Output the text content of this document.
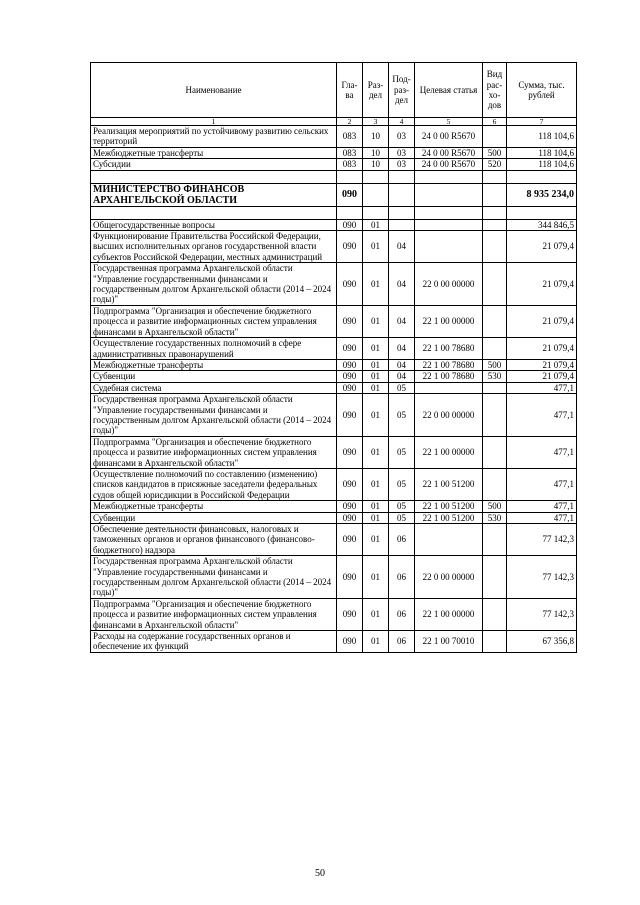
Наименование	Гла-ва	Раз-дел	Под-раз-дел	Целевая статья	Вид рас-хо-дов	Сумма, тыс. рублей
1	2	3	4	5	6	7
Реализация мероприятий по устойчивому развитию сельских территорий	083	10	03	24 0 00 R5670		118 104,6
Межбюджетные трансферты	083	10	03	24 0 00 R5670	500	118 104,6
Субсидии	083	10	03	24 0 00 R5670	520	118 104,6

МИНИСТЕРСТВО ФИНАНСОВ АРХАНГЕЛЬСКОЙ ОБЛАСТИ	090					8 935 234,0

Общегосударственные вопросы	090	01				344 846,5
Функционирование Правительства Российской Федерации, высших исполнительных органов государственной власти субъектов Российской Федерации, местных администраций	090	01	04			21 079,4
Государственная программа Архангельской области "Управление государственными финансами и государственным долгом Архангельской области (2014 – 2024 годы)"	090	01	04	22 0 00 00000		21 079,4
Подпрограмма "Организация и обеспечение бюджетного процесса и развитие информационных систем управления финансами в Архангельской области"	090	01	04	22 1 00 00000		21 079,4
Осуществление государственных полномочий в сфере административных правонарушений	090	01	04	22 1 00 78680		21 079,4
Межбюджетные трансферты	090	01	04	22 1 00 78680	500	21 079,4
Субвенции	090	01	04	22 1 00 78680	530	21 079,4
Судебная система	090	01	05			477,1
Государственная программа Архангельской области "Управление государственными финансами и государственным долгом Архангельской области (2014 – 2024 годы)"	090	01	05	22 0 00 00000		477,1
Подпрограмма "Организация и обеспечение бюджетного процесса и развитие информационных систем управления финансами в Архангельской области"	090	01	05	22 1 00 00000		477,1
Осуществление полномочий по составлению (изменению) списков кандидатов в присяжные заседатели федеральных судов общей юрисдикции в Российской Федерации	090	01	05	22 1 00 51200		477,1
Межбюджетные трансферты	090	01	05	22 1 00 51200	500	477,1
Субвенции	090	01	05	22 1 00 51200	530	477,1
Обеспечение деятельности финансовых, налоговых и таможенных органов и органов финансового (финансово-бюджетного) надзора	090	01	06			77 142,3
Государственная программа Архангельской области "Управление государственными финансами и государственным долгом Архангельской области (2014 – 2024 годы)"	090	01	06	22 0 00 00000		77 142,3
Подпрограмма "Организация и обеспечение бюджетного процесса и развитие информационных систем управления финансами в Архангельской области"	090	01	06	22 1 00 00000		77 142,3
Расходы на содержание государственных органов и обеспечение их функций	090	01	06	22 1 00 70010		67 356,8
50
